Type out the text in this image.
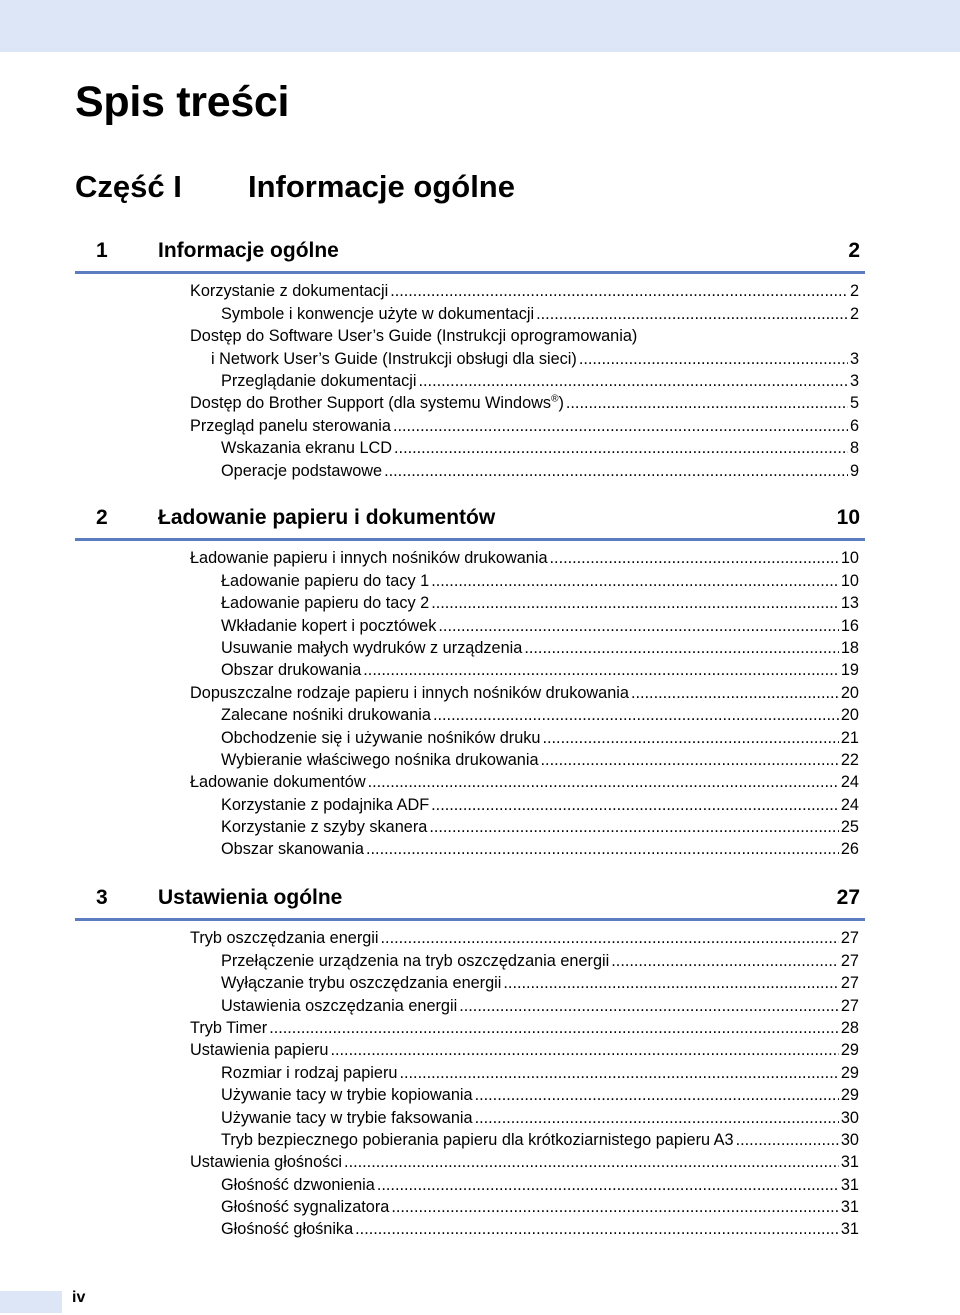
Spis treści
Część I Informacje ogólne
1 Informacje ogólne	2
Korzystanie z dokumentacji .....	2
Symbole i konwencje użyte w dokumentacji .....	2
Dostęp do Software User’s Guide (Instrukcji oprogramowania)
i Network User’s Guide (Instrukcji obsługi dla sieci) .....	3
Przeglądanie dokumentacji .....	3
Dostęp do Brother Support (dla systemu Windows®) .....	5
Przegląd panelu sterowania .....	6
Wskazania ekranu LCD .....	8
Operacje podstawowe .....	9
2 Ładowanie papieru i dokumentów	10
Ładowanie papieru i innych nośników drukowania .....	10
Ładowanie papieru do tacy 1 .....	10
Ładowanie papieru do tacy 2 .....	13
Wkładanie kopert i pocztówek .....	16
Usuwanie małych wydruków z urządzenia .....	18
Obszar drukowania .....	19
Dopuszczalne rodzaje papieru i innych nośników drukowania .....	20
Zalecane nośniki drukowania .....	20
Obchodzenie się i używanie nośników druku .....	21
Wybieranie właściwego nośnika drukowania .....	22
Ładowanie dokumentów .....	24
Korzystanie z podajnika ADF .....	24
Korzystanie z szyby skanera .....	25
Obszar skanowania .....	26
3 Ustawienia ogólne	27
Tryb oszczędzania energii .....	27
Przełączenie urządzenia na tryb oszczędzania energii .....	27
Wyłączanie trybu oszczędzania energii .....	27
Ustawienia oszczędzania energii .....	27
Tryb Timer .....	28
Ustawienia papieru .....	29
Rozmiar i rodzaj papieru .....	29
Używanie tacy w trybie kopiowania .....	29
Używanie tacy w trybie faksowania .....	30
Tryb bezpiecznego pobierania papieru dla krótkoziarnistego papieru A3 .....	30
Ustawienia głośności .....	31
Głośność dzwonienia .....	31
Głośność sygnalizatora .....	31
Głośność głośnika .....	31
iv
